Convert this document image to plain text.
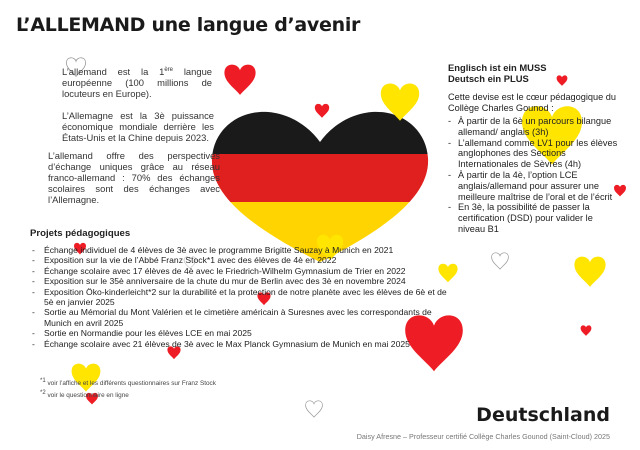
L’ALLEMAND une langue d’avenir
L’allemand est la 1ère langue européenne (100 millions de locuteurs en Europe).
L’Allemagne est la 3è puissance économique mondiale derrière les États-Unis et la Chine depuis 2023.
L’allemand offre des perspectives d’échange uniques grâce au réseau franco-allemand : 70% des échanges scolaires sont des échanges avec l’Allemagne.
Projets pédagogiques
- Échange individuel de 4 élèves de 3è avec le programme Brigitte Sauzay à Munich en 2021
- Exposition sur la vie de l’Abbé Franz Stock*1 avec des élèves de 4è en 2022
- Échange scolaire avec 17 élèves de 4è avec le Friedrich-Wilhelm Gymnasium de Trier en 2022
- Exposition sur le 35è anniversaire de la chute du mur de Berlin avec des 3è en novembre 2024
- Exposition Öko-kinderleicht*2 sur la durabilité et la protection de notre planète avec les élèves de 6è et de 5è en janvier 2025
- Sortie au Mémorial du Mont Valérien et le cimetière américain à Suresnes avec les correspondants de Munich en avril 2025
- Sortie en Normandie pour les élèves LCE en mai 2025
- Échange scolaire avec 21 élèves de 3è avec le Max Planck Gymnasium de Munich en mai 2025
$^{*1}$ voir l’affiche et les différents questionnaires sur Franz Stock
$^{*2}$ voir le questionnaire en ligne
Englisch ist ein MUSS
Deutsch ein PLUS
Cette devise est le cœur pédagogique du Collège Charles Gounod :
- À partir de la 6è un parcours bilangue allemand/ anglais (3h)
- L’allemand comme LV1 pour les élèves anglophones des Sections Internationales de Sèvres (4h)
- À partir de la 4è, l’option LCE anglais/allemand pour assurer une meilleure maîtrise de l’oral et de l’écrit
- En 3è, la possibilité de passer la certification (DSD) pour valider le niveau B1
Deutschland
Daisy Afresne – Professeur certifié Collège Charles Gounod (Saint-Cloud) 2025
